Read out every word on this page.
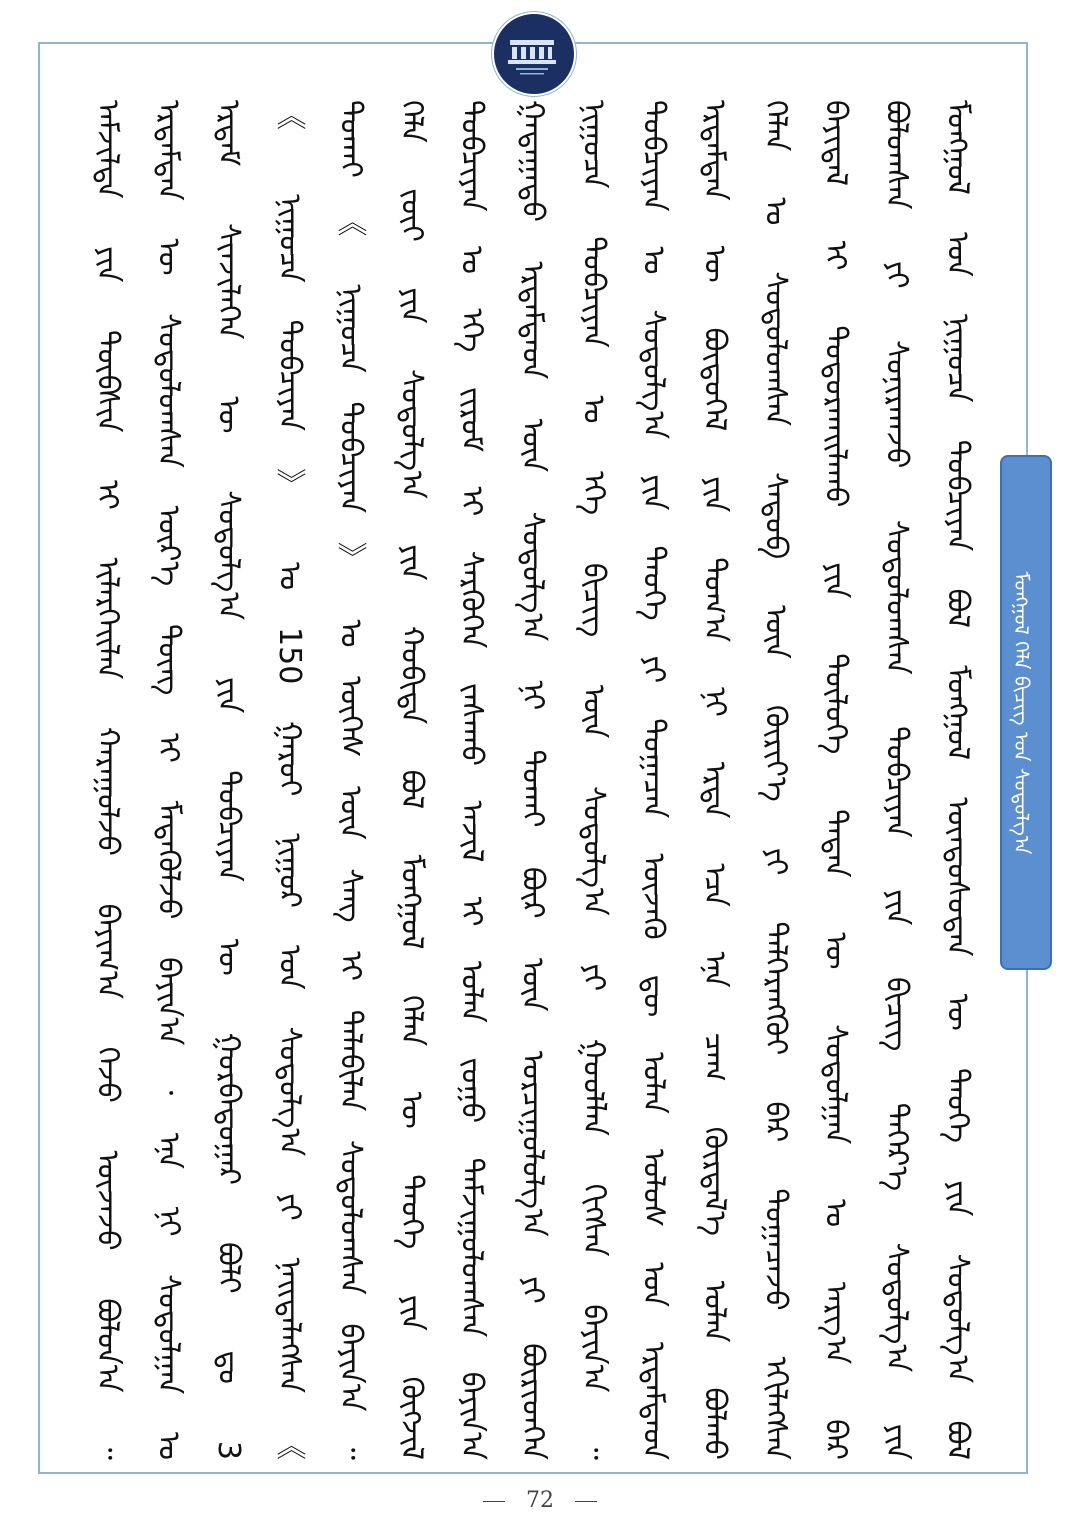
ᠮᠣᠩᠭᠣᠯ ᠬᠡᠯᠡ ᠪᠢᠴᠢᠭ ᠤᠨ ᠰᠤᠳᠤᠯᠭ᠎ᠠ
ᠮᠣᠩᠭᠣᠯ ᠤᠨ ᠨᠢᠭᠤᠴᠠ ᠲᠣᠪᠴᠢᠶᠠᠨ ᠪᠣᠯ ᠮᠣᠩᠭᠣᠯ ᠦᠨᠳᠦᠰᠦᠲᠡᠨ ᠦ ᠲᠡᠦᠬᠡ ᠶᠢᠨ ᠰᠤᠳᠤᠯᠭ᠎ᠠ ᠪᠣᠯ
ᠪᠣᠯᠤᠭᠰᠠᠨ ᠶᠢ ᠰᠣᠨᠢᠷᠬᠠᠵᠤ ᠰᠤᠳᠤᠯᠤᠭᠰᠠᠨ ᠲᠣᠪᠴᠢᠶᠠᠨ ᠶᠢᠨ ᠪᠢᠴᠢᠭ ᠲᠡᠭᠡᠷ᠎ᠡ ᠰᠤᠳᠤᠯᠭ᠎ᠠ ᠶᠢᠨ
ᠪᠠᠶᠢᠳᠠᠯ ᠢ ᠲᠣᠳᠣᠷᠬᠠᠢᠯᠠᠬᠤ ᠶᠢᠨ ᠲᠥᠯᠦᠭᠡ ᠲᠡᠳᠡᠨ ᠦ ᠰᠤᠳᠤᠯᠭᠠᠨ ᠤ ᠠᠷᠭ᠎ᠠ ᠪᠡᠷ
ᠬᠡᠯᠡᠨ ᠤ ᠰᠣᠳᠤᠯᠤᠭᠰᠠᠨ ᠰᠡᠳᠦᠪ ᠦᠨ ᠬᠦᠷᠢᠶ᠎ᠡ ᠶᠢ ᠳᠡᠯᠭᠡᠷᠡᠩᠭᠦᠢ ᠪᠡᠷ ᠲᠣᠭᠠᠴᠠᠵᠤ ᠡᠬᠢᠯᠡᠭᠰᠡᠨ
ᠡᠷᠳᠡᠮᠲᠡᠨ ᠦ ᠪᠦᠲᠦᠭᠡᠯ ᠶᠢᠨ ᠲᠣᠭ᠎ᠠ ᠨᠢ ᠡᠷᠲᠡ ᠡᠴᠡ ᠡᠨᠡ ᠴᠠᠭ ᠬᠦᠷᠲᠡᠯ᠎ᠡ ᠣᠯᠠᠨ ᠪᠣᠯᠬᠣ
ᠲᠣᠪᠴᠢᠶᠠᠨ ᠤ ᠰᠤᠳᠤᠯᠭ᠎ᠠ ᠶᠢᠨ ᠲᠡᠦᠬᠡ ᠶᠢ ᠲᠣᠭᠠᠴᠠᠨ ᠦᠵᠡᠬᠦ ᠳᠦ ᠣᠯᠠᠨ ᠤᠯᠤᠰ ᠤᠨ ᠡᠷᠳᠡᠮᠲᠡᠳ
ᠨᠢᠭᠤᠴᠠ ᠲᠣᠪᠴᠢᠶᠠᠨ ᠤ ᠡᠬᠡ ᠪᠢᠴᠢᠭ ᠦᠨ ᠰᠤᠳᠤᠯᠭ᠎ᠠ ᠶᠢ ᠭᠣᠣᠯᠯᠠᠨ ᠬᠢᠭᠰᠡᠨ ᠪᠠᠶᠢᠨ᠎ᠠ ᠃
ᠭᠠᠳᠠᠭᠠᠳᠤ ᠡᠷᠳᠡᠮᠲᠡᠳ ᠦᠨ ᠰᠤᠳᠤᠯᠭ᠎ᠠ ᠨᠢ ᠲᠤᠬᠠᠢ ᠪᠦᠷ ᠦᠨ ᠣᠷᠴᠢᠭᠤᠯᠤᠯᠭ᠎ᠠ ᠶᠢ ᠪᠦᠷᠢᠳᠬᠡᠨ
ᠲᠣᠪᠴᠢᠶᠠᠨ ᠤ ᠡᠬᠡ ᠵᠢᠷᠤᠮ ᠢ ᠰᠡᠷᠭᠦᠭᠡᠨ ᠵᠠᠰᠠᠬᠤ ᠠᠵᠢᠯ ᠢ ᠣᠯᠠᠨ ᠵᠤᠭᠤ ᠳᠠᠮᠵᠢᠭᠤᠯᠤᠭᠰᠠᠨ ᠪᠠᠶᠢᠨ᠎ᠠ
ᠬᠡᠯᠡ ᠵᠦᠢ ᠶᠢᠨ ᠰᠤᠳᠤᠯᠭ᠎ᠠ ᠶᠢᠨ ᠬᠤᠪᠢᠳᠠ ᠪᠣᠯ ᠮᠣᠩᠭᠣᠯ ᠬᠡᠯᠡᠨ ᠦ ᠲᠡᠦᠬᠡ ᠶᠢᠨ ᠬᠥᠭᠵᠢᠯ
ᠲᠤᠬᠠᠢ 《 ᠨᠢᠭᠤᠴᠠ ᠲᠣᠪᠴᠢᠶᠠᠨ 》 ᠤ ᠦᠭᠡᠰ ᠦᠨ ᠰᠠᠩ ᠢ ᠲᠠᠯᠠᠪᠢᠯᠠᠨ ᠰᠤᠳᠤᠯᠤᠭᠰᠠᠨ ᠪᠠᠶᠢᠨ᠎ᠠ ᠃
《 ᠨᠢᠭᠤᠴᠠ ᠲᠣᠪᠴᠢᠶᠠᠨ 》 ᠤ 150 ᠭᠠᠷᠤᠢ ᠨᠢᠭᠤᠷ ᠤᠨ ᠰᠤᠳᠤᠯᠭ᠎ᠠ ᠶᠢ ᠨᠡᠢᠲᠡᠯᠡᠭᠰᠡᠨ 《
ᠡᠷᠳᠡᠮ ᠰᠢᠨᠵᠢᠯᠡᠭᠡᠨ ᠦ ᠰᠤᠳᠤᠯᠭ᠎ᠠ ᠶᠢᠨ ᠲᠣᠪᠴᠢᠶᠠᠨ ᠦ ᠭᠤᠷᠪᠠᠳᠤᠭᠠᠷ ᠪᠣᠯᠢ ᠳᠤ 3
ᠡᠷᠳᠡᠮᠲᠡᠨ ᠦ ᠰᠤᠳᠤᠯᠤᠭᠰᠠᠨ ᠦᠷ᠎ᠡ ᠳᠦᠩ ᠢ ᠮᠡᠳᠡᠭᠦᠯᠵᠦ ᠪᠠᠶᠢᠨ᠎ᠠ ᠂ ᠡᠨᠡ ᠨᠢ ᠰᠤᠳᠤᠯᠭᠠᠨ ᠤ
ᠠᠮᠵᠢᠯᠲᠠ ᠶᠢᠨ ᠲᠦᠪᠰᠢᠨ ᠢ ᠢᠯᠡᠷᠬᠡᠢᠯᠡᠨ ᠬᠠᠷᠠᠭᠤᠯᠵᠤ ᠪᠠᠶᠢᠭ᠎ᠠ ᠭᠡᠵᠦ ᠦᠵᠡᠵᠦ ᠪᠣᠯᠣᠨ᠎ᠠ ᠃
72
